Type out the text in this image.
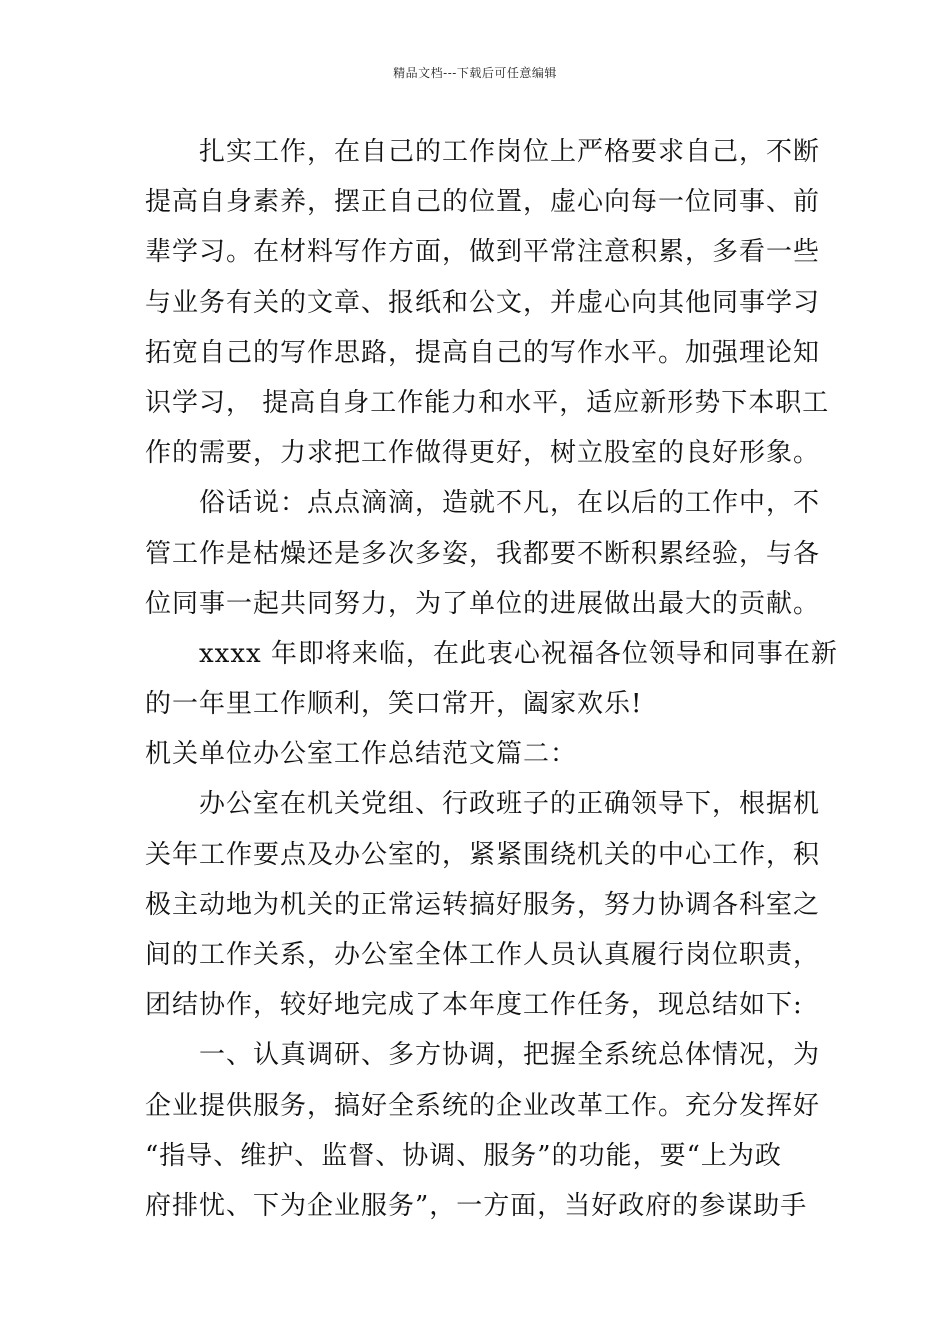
精品文档---下载后可任意编辑
扎实工作，在自己的工作岗位上严格要求自己，不断
提高自身素养，摆正自己的位置，虚心向每一位同事、前
辈学习。在材料写作方面，做到平常注意积累，多看一些
与业务有关的文章、报纸和公文，并虚心向其他同事学习
拓宽自己的写作思路，提高自己的写作水平。加强理论知
识学习， 提高自身工作能力和水平，适应新形势下本职工
作的需要，力求把工作做得更好，树立股室的良好形象。
俗话说：点点滴滴，造就不凡，在以后的工作中，不
管工作是枯燥还是多次多姿，我都要不断积累经验，与各
位同事一起共同努力，为了单位的进展做出最大的贡献。
xxxx 年即将来临，在此衷心祝福各位领导和同事在新
的一年里工作顺利，笑口常开，阖家欢乐!
机关单位办公室工作总结范文篇二：
办公室在机关党组、行政班子的正确领导下，根据机
关年工作要点及办公室的，紧紧围绕机关的中心工作，积
极主动地为机关的正常运转搞好服务，努力协调各科室之
间的工作关系，办公室全体工作人员认真履行岗位职责，
团结协作，较好地完成了本年度工作任务，现总结如下:
一、认真调研、多方协调，把握全系统总体情况，为
企业提供服务，搞好全系统的企业改革工作。充分发挥好
“指导、维护、监督、协调、服务”的功能，要“上为政
府排忧、下为企业服务”，一方面，当好政府的参谋助手
